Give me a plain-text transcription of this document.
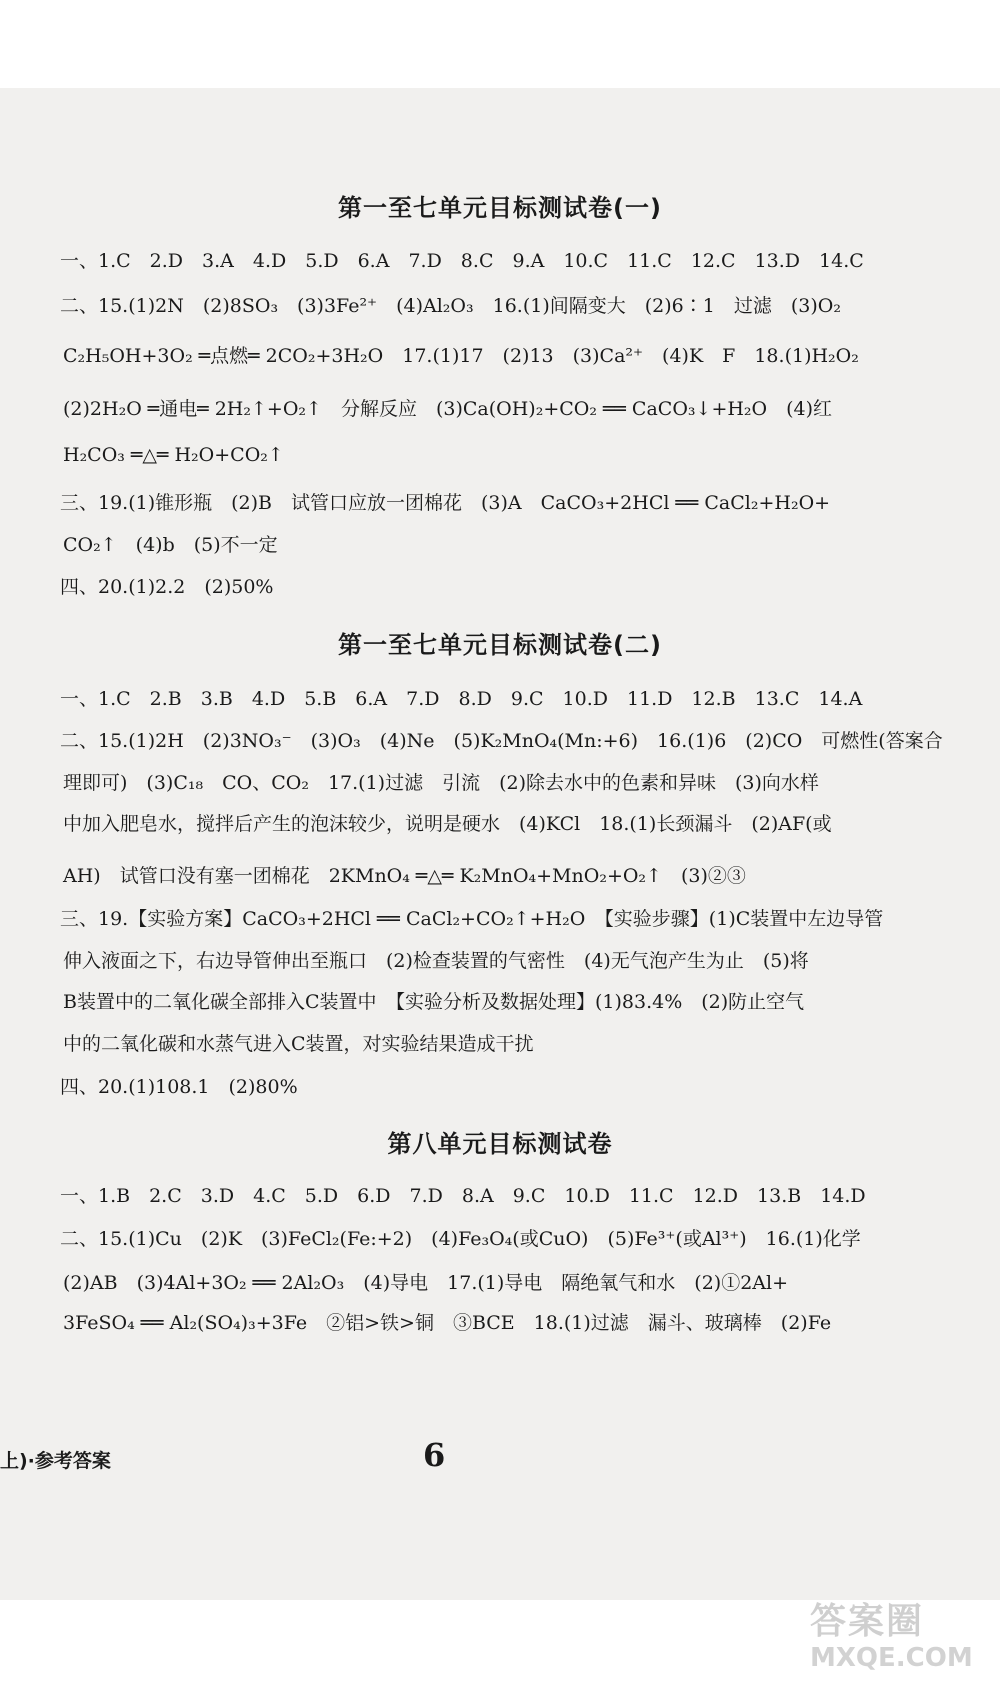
第一至七单元目标测试卷(一)
一、1.C　2.D　3.A　4.D　5.D　6.A　7.D　8.C　9.A　10.C　11.C　12.C　13.D　14.C
二、15.(1)2N　(2)8SO₃　(3)3Fe²⁺　(4)Al₂O₃　16.(1)间隔变大　(2)6∶1　过滤　(3)O₂
C₂H₅OH+3O₂ ═点燃═ 2CO₂+3H₂O　17.(1)17　(2)13　(3)Ca²⁺　(4)K　F　18.(1)H₂O₂
(2)2H₂O ═通电═ 2H₂↑+O₂↑　分解反应　(3)Ca(OH)₂+CO₂ ══ CaCO₃↓+H₂O　(4)红
H₂CO₃ ═△═ H₂O+CO₂↑
三、19.(1)锥形瓶　(2)B　试管口应放一团棉花　(3)A　CaCO₃+2HCl ══ CaCl₂+H₂O+
CO₂↑　(4)b　(5)不一定
四、20.(1)2.2　(2)50%
第一至七单元目标测试卷(二)
一、1.C　2.B　3.B　4.D　5.B　6.A　7.D　8.D　9.C　10.D　11.D　12.B　13.C　14.A
二、15.(1)2H　(2)3NO₃⁻　(3)O₃　(4)Ne　(5)K₂MnO₄(Mn:+6)　16.(1)6　(2)CO　可燃性(答案合
理即可)　(3)C₁₈　CO、CO₂　17.(1)过滤　引流　(2)除去水中的色素和异味　(3)向水样
中加入肥皂水，搅拌后产生的泡沫较少，说明是硬水　(4)KCl　18.(1)长颈漏斗　(2)AF(或
AH)　试管口没有塞一团棉花　2KMnO₄ ═△═ K₂MnO₄+MnO₂+O₂↑　(3)②③
三、19.【实验方案】CaCO₃+2HCl ══ CaCl₂+CO₂↑+H₂O　【实验步骤】(1)C装置中左边导管
伸入液面之下，右边导管伸出至瓶口　(2)检查装置的气密性　(4)无气泡产生为止　(5)将
B装置中的二氧化碳全部排入C装置中　【实验分析及数据处理】(1)83.4%　(2)防止空气
中的二氧化碳和水蒸气进入C装置，对实验结果造成干扰
四、20.(1)108.1　(2)80%
第八单元目标测试卷
一、1.B　2.C　3.D　4.C　5.D　6.D　7.D　8.A　9.C　10.D　11.C　12.D　13.B　14.D
二、15.(1)Cu　(2)K　(3)FeCl₂(Fe:+2)　(4)Fe₃O₄(或CuO)　(5)Fe³⁺(或Al³⁺)　16.(1)化学
(2)AB　(3)4Al+3O₂ ══ 2Al₂O₃　(4)导电　17.(1)导电　隔绝氧气和水　(2)①2Al+
3FeSO₄ ══ Al₂(SO₄)₃+3Fe　②铝>铁>铜　③BCE　18.(1)过滤　漏斗、玻璃棒　(2)Fe
上)·参考答案	6
答案圈
MXQE.COM
